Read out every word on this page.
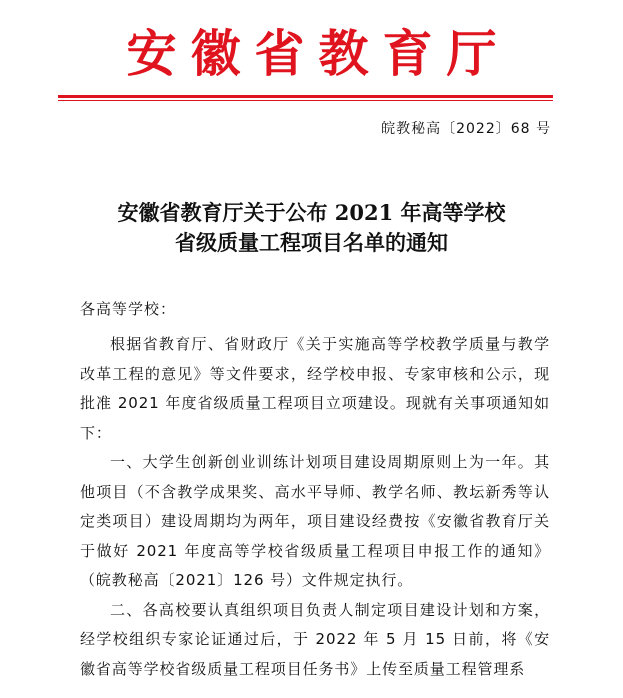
安徽省教育厅
皖教秘高〔2022〕68 号
安徽省教育厅关于公布 2021 年高等学校
省级质量工程项目名单的通知
各高等学校：

根据省教育厅、省财政厅《关于实施高等学校教学质量与教学改革工程的意见》等文件要求，经学校申报、专家审核和公示，现批准 2021 年度省级质量工程项目立项建设。现就有关事项通知如下：

一、大学生创新创业训练计划项目建设周期原则上为一年。其他项目（不含教学成果奖、高水平导师、教学名师、教坛新秀等认定类项目）建设周期均为两年，项目建设经费按《安徽省教育厅关于做好 2021 年度高等学校省级质量工程项目申报工作的通知》（皖教秘高〔2021〕126 号）文件规定执行。

二、各高校要认真组织项目负责人制定项目建设计划和方案，经学校组织专家论证通过后，于 2022 年 5 月 15 日前，将《安徽省高等学校省级质量工程项目任务书》上传至质量工程管理系
